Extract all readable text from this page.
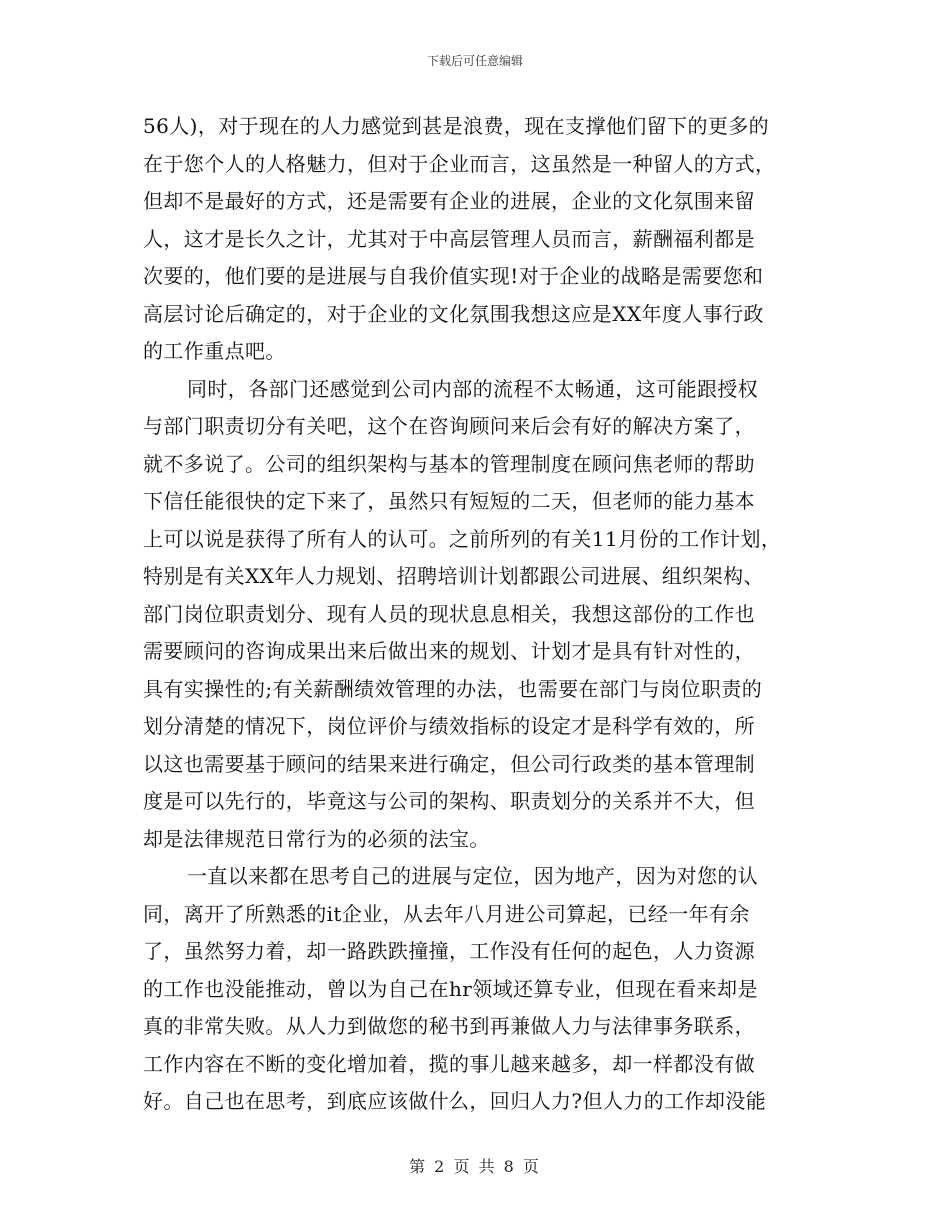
下载后可任意编辑
56人)，对于现在的人力感觉到甚是浪费，现在支撑他们留下的更多的
在于您个人的人格魅力，但对于企业而言，这虽然是一种留人的方式，
但却不是最好的方式，还是需要有企业的进展，企业的文化氛围来留
人，这才是长久之计，尤其对于中高层管理人员而言，薪酬福利都是
次要的，他们要的是进展与自我价值实现!对于企业的战略是需要您和
高层讨论后确定的，对于企业的文化氛围我想这应是XX年度人事行政
的工作重点吧。
同时，各部门还感觉到公司内部的流程不太畅通，这可能跟授权
与部门职责切分有关吧，这个在咨询顾问来后会有好的解决方案了，
就不多说了。公司的组织架构与基本的管理制度在顾问焦老师的帮助
下信任能很快的定下来了，虽然只有短短的二天，但老师的能力基本
上可以说是获得了所有人的认可。之前所列的有关11月份的工作计划，
特别是有关XX年人力规划、招聘培训计划都跟公司进展、组织架构、
部门岗位职责划分、现有人员的现状息息相关，我想这部份的工作也
需要顾问的咨询成果出来后做出来的规划、计划才是具有针对性的，
具有实操性的;有关薪酬绩效管理的办法，也需要在部门与岗位职责的
划分清楚的情况下，岗位评价与绩效指标的设定才是科学有效的，所
以这也需要基于顾问的结果来进行确定，但公司行政类的基本管理制
度是可以先行的，毕竟这与公司的架构、职责划分的关系并不大，但
却是法律规范日常行为的必须的法宝。
一直以来都在思考自己的进展与定位，因为地产，因为对您的认
同，离开了所熟悉的it企业，从去年八月进公司算起，已经一年有余
了，虽然努力着，却一路跌跌撞撞，工作没有任何的起色，人力资源
的工作也没能推动，曾以为自己在hr领域还算专业，但现在看来却是
真的非常失败。从人力到做您的秘书到再兼做人力与法律事务联系，
工作内容在不断的变化增加着，揽的事儿越来越多，却一样都没有做
好。自己也在思考，到底应该做什么，回归人力?但人力的工作却没能
第 2 页 共 8 页
